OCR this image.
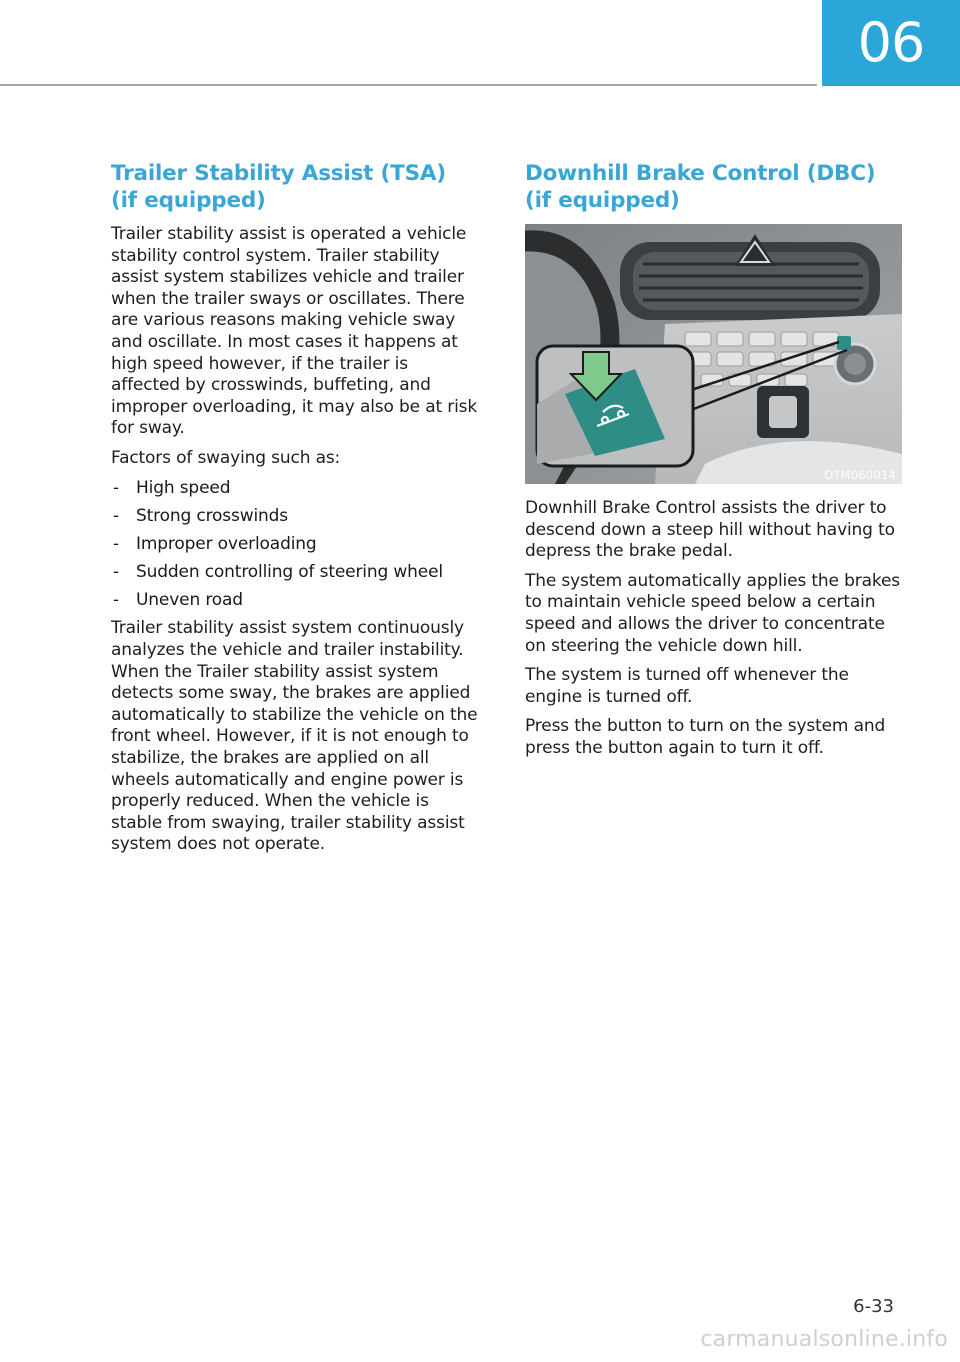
06
Trailer Stability Assist (TSA)
(if equipped)

Trailer stability assist is operated a vehicle stability control system. Trailer stability assist system stabilizes vehicle and trailer when the trailer sways or oscillates. There are various reasons making vehicle sway and oscillate. In most cases it happens at high speed however, if the trailer is affected by crosswinds, buffeting, and improper overloading, it may also be at risk for sway.

Factors of swaying such as:

- High speed
- Strong crosswinds
- Improper overloading
- Sudden controlling of steering wheel
- Uneven road

Trailer stability assist system continuously analyzes the vehicle and trailer instability. When the Trailer stability assist system detects some sway, the brakes are applied automatically to stabilize the vehicle on the front wheel. However, if it is not enough to stabilize, the brakes are applied on all wheels automatically and engine power is properly reduced. When the vehicle is stable from swaying, trailer stability assist system does not operate.

Downhill Brake Control (DBC)
(if equipped)
OTM060014

Downhill Brake Control assists the driver to descend down a steep hill without having to depress the brake pedal.

The system automatically applies the brakes to maintain vehicle speed below a certain speed and allows the driver to concentrate on steering the vehicle down hill.

The system is turned off whenever the engine is turned off.

Press the button to turn on the system and press the button again to turn it off.

6-33
carmanualsonline.info
